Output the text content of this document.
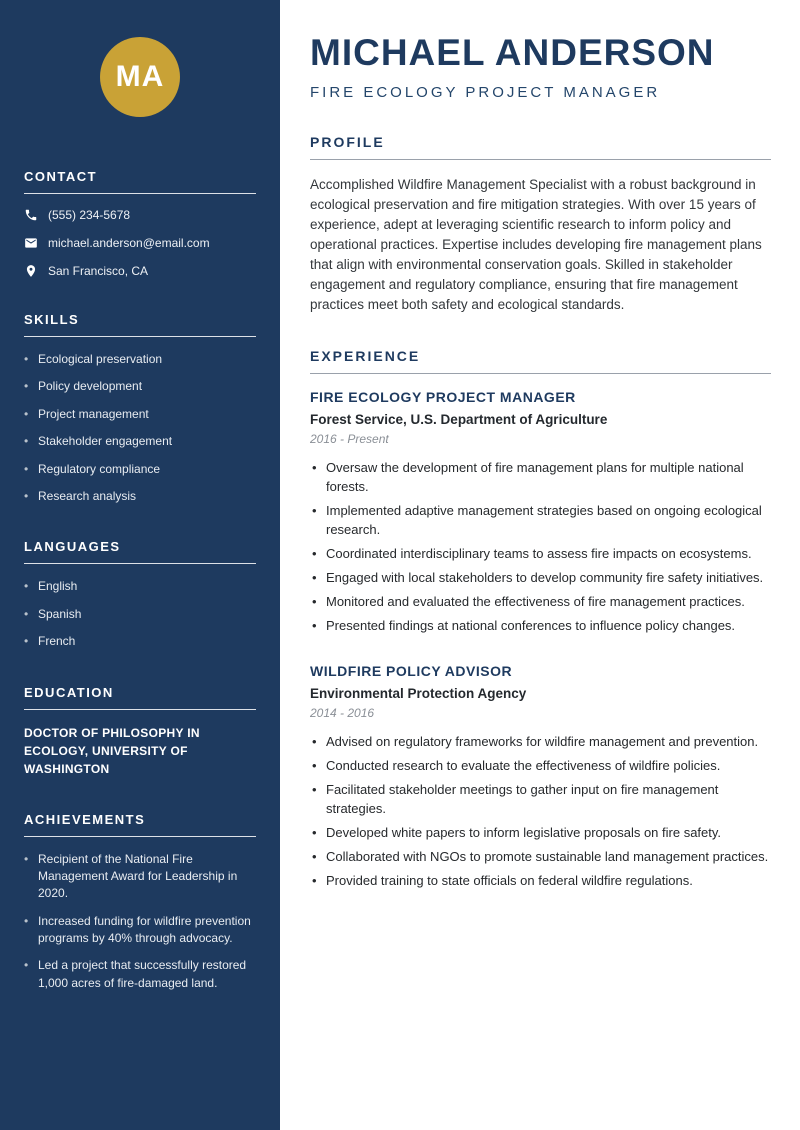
MA
CONTACT
(555) 234-5678
michael.anderson@email.com
San Francisco, CA
SKILLS
• Ecological preservation
• Policy development
• Project management
• Stakeholder engagement
• Regulatory compliance
• Research analysis
LANGUAGES
• English
• Spanish
• French
EDUCATION

DOCTOR OF PHILOSOPHY IN ECOLOGY, UNIVERSITY OF WASHINGTON

ACHIEVEMENTS
• Recipient of the National Fire Management Award for Leadership in 2020.
• Increased funding for wildfire prevention programs by 40% through advocacy.
• Led a project that successfully restored 1,000 acres of fire-damaged land.
MICHAEL ANDERSON
FIRE ECOLOGY PROJECT MANAGER
PROFILE

Accomplished Wildfire Management Specialist with a robust background in ecological preservation and fire mitigation strategies. With over 15 years of experience, adept at leveraging scientific research to inform policy and operational practices. Expertise includes developing fire management plans that align with environmental conservation goals. Skilled in stakeholder engagement and regulatory compliance, ensuring that fire management practices meet both safety and ecological standards.

EXPERIENCE
FIRE ECOLOGY PROJECT MANAGER
Forest Service, U.S. Department of Agriculture
2016 - Present
• Oversaw the development of fire management plans for multiple national forests.
• Implemented adaptive management strategies based on ongoing ecological research.
• Coordinated interdisciplinary teams to assess fire impacts on ecosystems.
• Engaged with local stakeholders to develop community fire safety initiatives.
• Monitored and evaluated the effectiveness of fire management practices.
• Presented findings at national conferences to influence policy changes.
WILDFIRE POLICY ADVISOR
Environmental Protection Agency
2014 - 2016
• Advised on regulatory frameworks for wildfire management and prevention.
• Conducted research to evaluate the effectiveness of wildfire policies.
• Facilitated stakeholder meetings to gather input on fire management strategies.
• Developed white papers to inform legislative proposals on fire safety.
• Collaborated with NGOs to promote sustainable land management practices.
• Provided training to state officials on federal wildfire regulations.
